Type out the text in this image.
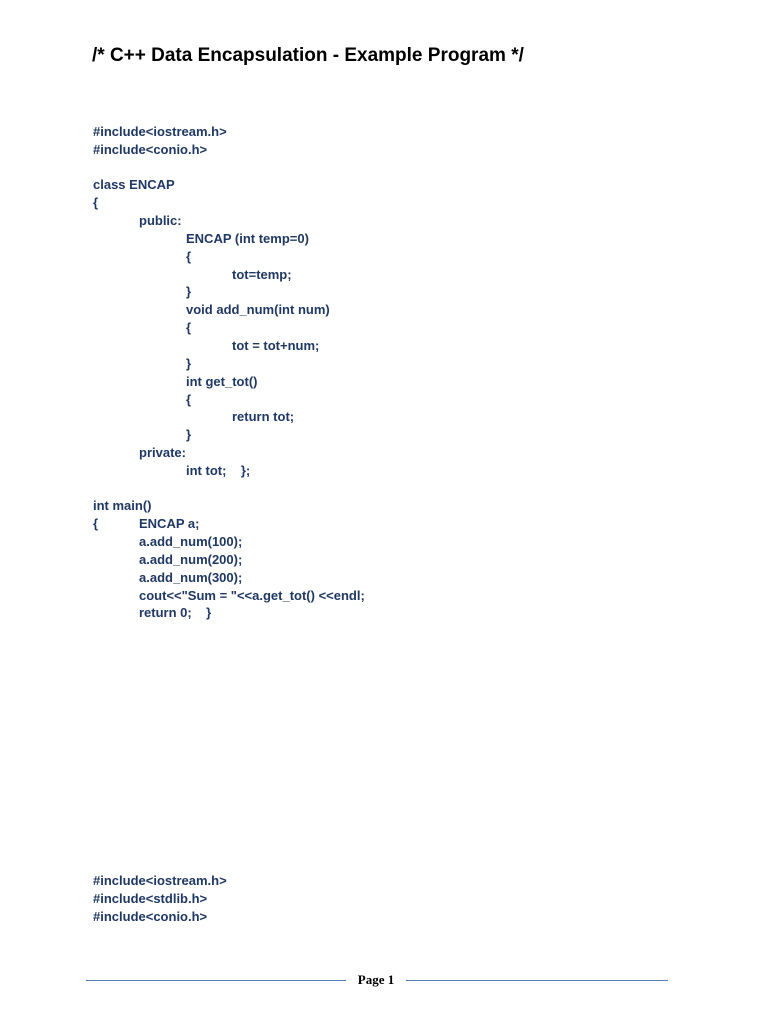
/* C++ Data Encapsulation - Example Program */
#include<iostream.h>
#include<conio.h>
class ENCAP
{
public:
ENCAP (int temp=0)
{
tot=temp;
}
void add_num(int num)
{
tot = tot+num;
}
int get_tot()
{
return tot;
}
private:
int tot;    };
int main()

{

	ENCAP a;

a.add_num(100);
a.add_num(200);
a.add_num(300);
cout<<"Sum = "<<a.get_tot() <<endl;
return 0;    }
#include<iostream.h>
#include<stdlib.h>
#include<conio.h>
Page 1
